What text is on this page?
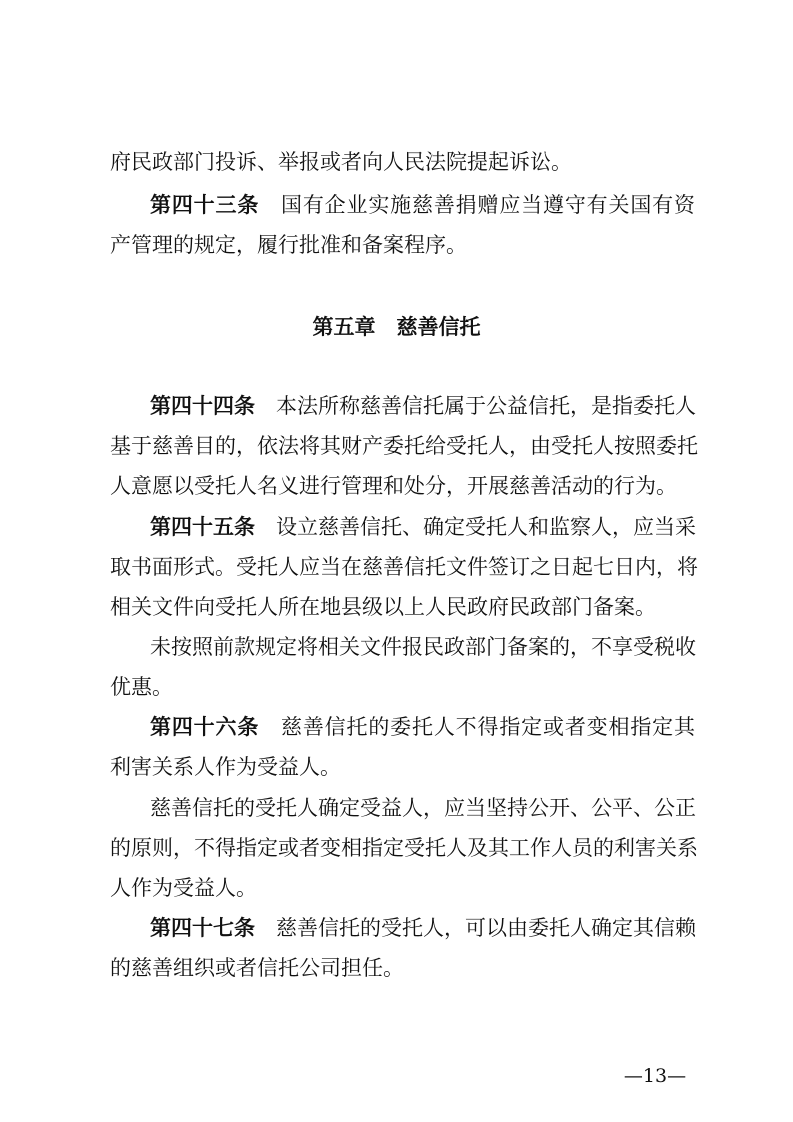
府民政部门投诉、举报或者向人民法院提起诉讼。
第四十三条　 国有企业实施慈善捐赠应当遵守有关国有资
产管理的规定，履行批准和备案程序。
第四十四条　 本法所称慈善信托属于公益信托，是指委托人
基于慈善目的，依法将其财产委托给受托人，由受托人按照委托
人意愿以受托人名义进行管理和处分，开展慈善活动的行为。
第四十五条　 设立慈善信托、确定受托人和监察人，应当采
取书面形式。受托人应当在慈善信托文件签订之日起七日内，将
相关文件向受托人所在地县级以上人民政府民政部门备案。
未按照前款规定将相关文件报民政部门备案的，不享受税收
优惠。
第四十六条　 慈善信托的委托人不得指定或者变相指定其
利害关系人作为受益人。
慈善信托的受托人确定受益人，应当坚持公开、公平、公正
的原则，不得指定或者变相指定受托人及其工作人员的利害关系
人作为受益人。
第四十七条　 慈善信托的受托人，可以由委托人确定其信赖
的慈善组织或者信托公司担任。
第五章　慈善信托
—13—
